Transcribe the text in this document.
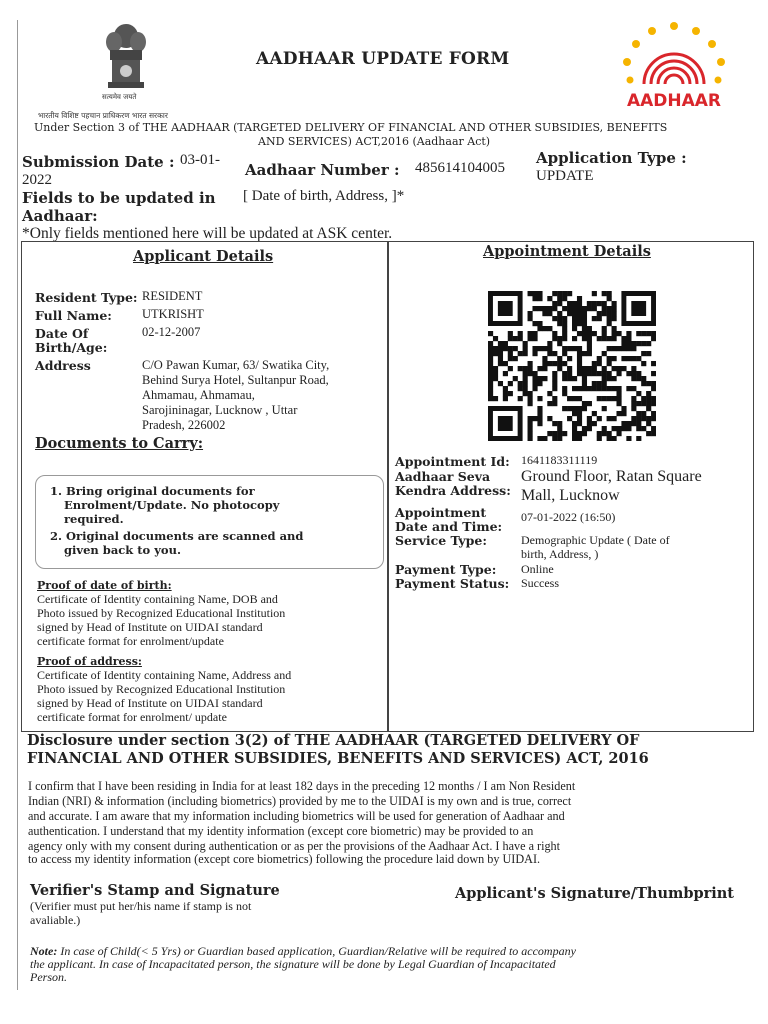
सत्यमेव जयते
भारतीय विशिष्ट पहचान प्राधिकरण भारत सरकार
AADHAAR UPDATE FORM
AADHAAR
Under Section 3 of THE AADHAAR (TARGETED DELIVERY OF FINANCIAL AND OTHER SUBSIDIES, BENEFITS
AND SERVICES) ACT,2016 (Aadhaar Act)
Submission Date : 03-01-
2022
Aadhaar Number : 485614104005
Application Type :
UPDATE
Fields to be updated in
Aadhaar:
[ Date of birth, Address, ]*
*Only fields mentioned here will be updated at ASK center.
Applicant Details
Resident Type: RESIDENT
Full Name: UTKRISHT
Date Of
Birth/Age:
02-12-2007
Address	C/O Pawan Kumar, 63/ Swatika City,
Behind Surya Hotel, Sultanpur Road,
Ahmamau, Ahmamau,
Sarojininagar, Lucknow , Uttar
Pradesh, 226002
Documents to Carry:
1. Bring original documents for
Enrolment/Update. No photocopy
required.
2. Original documents are scanned and
given back to you.
Proof of date of birth:
Certificate of Identity containing Name, DOB and
Photo issued by Recognized Educational Institution
signed by Head of Institute on UIDAI standard
certificate format for enrolment/update
Proof of address:
Certificate of Identity containing Name, Address and
Photo issued by Recognized Educational Institution
signed by Head of Institute on UIDAI standard
certificate format for enrolment/ update
Appointment Details
Appointment Id: 1641183311119
Aadhaar Seva
Kendra Address:
Ground Floor, Ratan Square
Mall, Lucknow
Appointment
Date and Time:
07-01-2022 (16:50)
Service Type:	Demographic Update ( Date of
birth, Address, )
Payment Type: Online
Payment Status: Success
Disclosure under section 3(2) of THE AADHAAR (TARGETED DELIVERY OF
FINANCIAL AND OTHER SUBSIDIES, BENEFITS AND SERVICES) ACT, 2016
I confirm that I have been residing in India for at least 182 days in the preceding 12 months / I am Non Resident
Indian (NRI) & information (including biometrics) provided by me to the UIDAI is my own and is true, correct
and accurate. I am aware that my information including biometrics will be used for generation of Aadhaar and
authentication. I understand that my identity information (except core biometric) may be provided to an
agency only with my consent during authentication or as per the provisions of the Aadhaar Act. I have a right
to access my identity information (except core biometrics) following the procedure laid down by UIDAI.
Verifier's Stamp and Signature
(Verifier must put her/his name if stamp is not
avaliable.)
Applicant's Signature/Thumbprint
Note: In case of Child(< 5 Yrs) or Guardian based application, Guardian/Relative will be required to accompany
the applicant. In case of Incapacitated person, the signature will be done by Legal Guardian of Incapacitated
Person.
